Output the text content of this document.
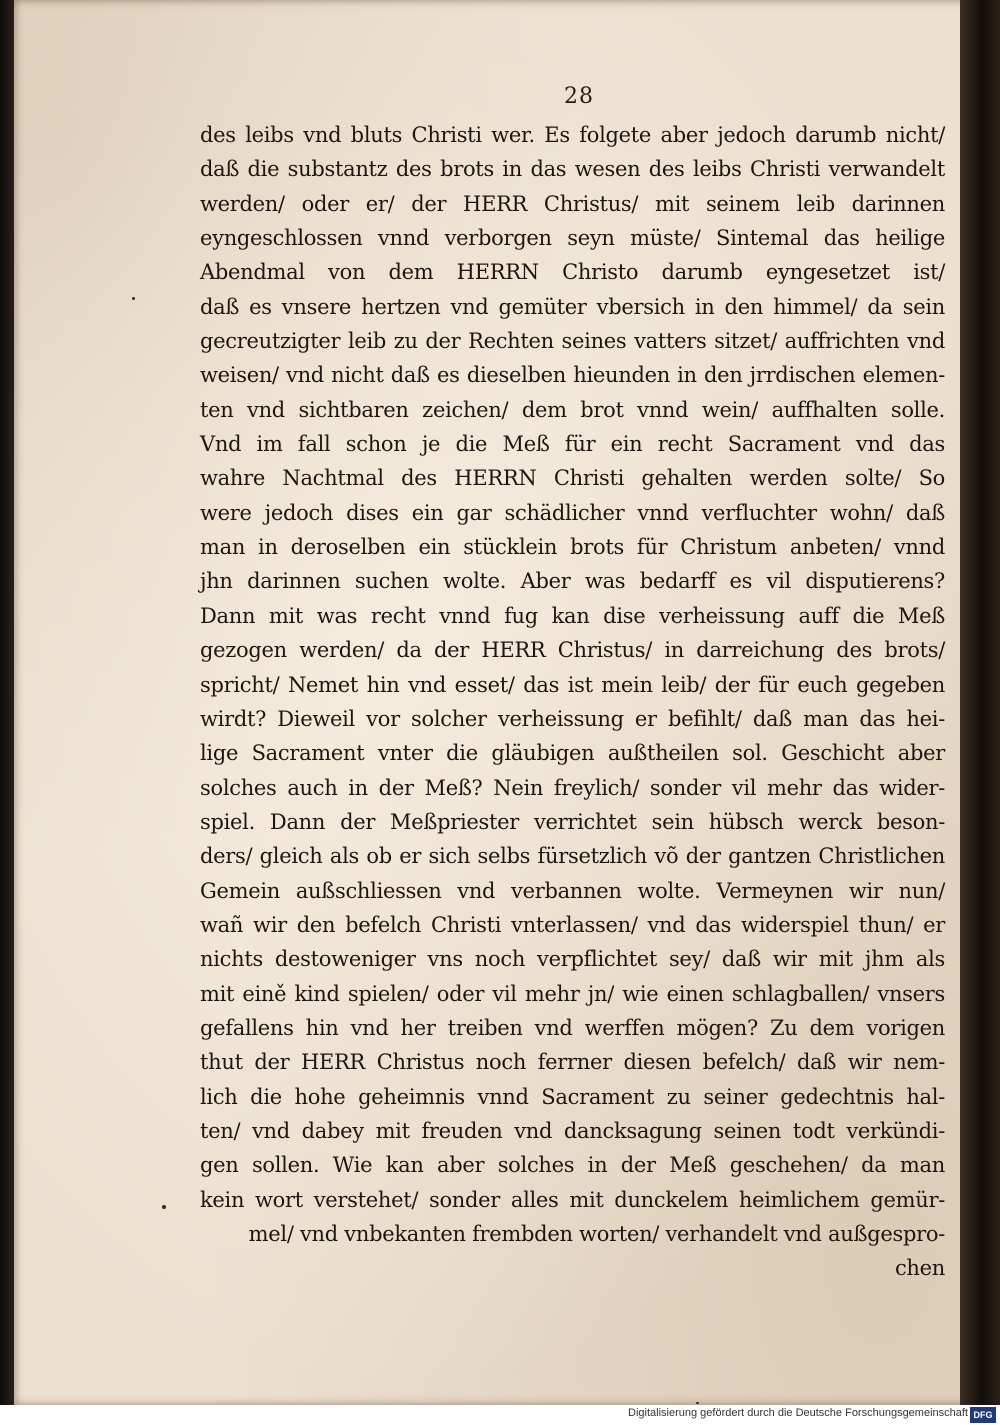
28
des leibs vnd bluts Christi wer. Es folgete aber jedoch darumb nicht/
daß die substantz des brots in das wesen des leibs Christi verwandelt
werden/ oder er/ der HERR Christus/ mit seinem leib darinnen
eyngeschlossen vnnd verborgen seyn müste/ Sintemal das heilige
Abendmal von dem HERRN Christo darumb eyngesetzet ist/
daß es vnsere hertzen vnd gemüter vbersich in den himmel/ da sein
gecreutzigter leib zu der Rechten seines vatters sitzet/ auffrichten vnd
weisen/ vnd nicht daß es dieselben hieunden in den jrrdischen elemen-
ten vnd sichtbaren zeichen/ dem brot vnnd wein/ auffhalten solle.
Vnd im fall schon je die Meß für ein recht Sacrament vnd das
wahre Nachtmal des HERRN Christi gehalten werden solte/ So
were jedoch dises ein gar schädlicher vnnd verfluchter wohn/ daß
man in deroselben ein stücklein brots für Christum anbeten/ vnnd
jhn darinnen suchen wolte. Aber was bedarff es vil disputierens?
Dann mit was recht vnnd fug kan dise verheissung auff die Meß
gezogen werden/ da der HERR Christus/ in darreichung des brots/
spricht/ Nemet hin vnd esset/ das ist mein leib/ der für euch gegeben
wirdt? Dieweil vor solcher verheissung er befihlt/ daß man das hei-
lige Sacrament vnter die gläubigen außtheilen sol. Geschicht aber
solches auch in der Meß? Nein freylich/ sonder vil mehr das wider-
spiel. Dann der Meßpriester verrichtet sein hübsch werck beson-
ders/ gleich als ob er sich selbs fürsetzlich võ der gantzen Christlichen
Gemein außschliessen vnd verbannen wolte. Vermeynen wir nun/
wañ wir den befelch Christi vnterlassen/ vnd das widerspiel thun/ er
nichts destoweniger vns noch verpflichtet sey/ daß wir mit jhm als
mit eině kind spielen/ oder vil mehr jn/ wie einen schlagballen/ vnsers
gefallens hin vnd her treiben vnd werffen mögen? Zu dem vorigen
thut der HERR Christus noch ferrner diesen befelch/ daß wir nem-
lich die hohe geheimnis vnnd Sacrament zu seiner gedechtnis hal-
ten/ vnd dabey mit freuden vnd dancksagung seinen todt verkündi-
gen sollen. Wie kan aber solches in der Meß geschehen/ da man
kein wort verstehet/ sonder alles mit dunckelem heimlichem gemür-
mel/ vnd vnbekanten frembden worten/ verhandelt vnd außgespro-
chen
Digitalisierung gefördert durch die Deutsche Forschungsgemeinschaft DFG
